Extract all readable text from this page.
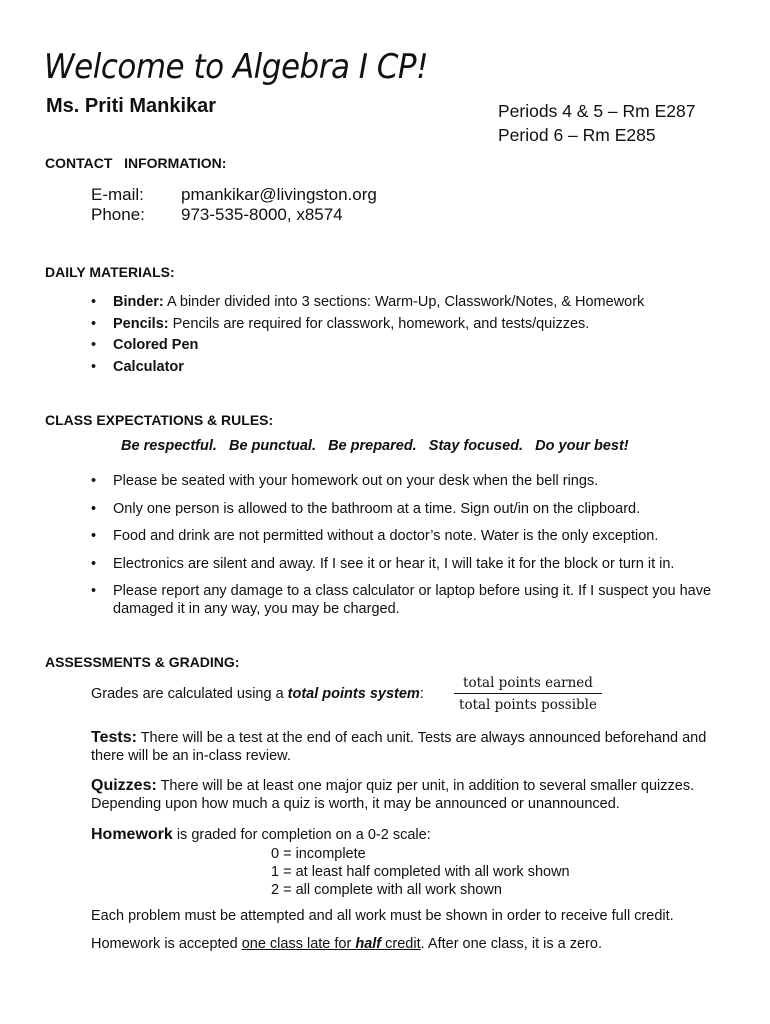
Welcome to Algebra I CP!
Ms. Priti Mankikar	Periods 4 & 5 – Rm E287
Period 6 – Rm E285
CONTACT   INFORMATION:
E-mail:	pmankikar@livingston.org
Phone:	973-535-8000, x8574
DAILY MATERIALS:
• Binder: A binder divided into 3 sections: Warm-Up, Classwork/Notes, & Homework
• Pencils: Pencils are required for classwork, homework, and tests/quizzes.
• Colored Pen
• Calculator
CLASS EXPECTATIONS & RULES:
Be respectful.   Be punctual.   Be prepared.   Stay focused.   Do your best!
• Please be seated with your homework out on your desk when the bell rings.
• Only one person is allowed to the bathroom at a time. Sign out/in on the clipboard.
• Food and drink are not permitted without a doctor’s note. Water is the only exception.
• Electronics are silent and away. If I see it or hear it, I will take it for the block or turn it in.
• Please report any damage to a class calculator or laptop before using it. If I suspect you have damaged it in any way, you may be charged.
ASSESSMENTS & GRADING:
Grades are calculated using a total points system:
total points earned
total points possible
Tests: There will be a test at the end of each unit. Tests are always announced beforehand and there will be an in-class review.
Quizzes: There will be at least one major quiz per unit, in addition to several smaller quizzes. Depending upon how much a quiz is worth, it may be announced or unannounced.
Homework is graded for completion on a 0-2 scale:
0 = incomplete
1 = at least half completed with all work shown
2 = all complete with all work shown
Each problem must be attempted and all work must be shown in order to receive full credit.
Homework is accepted one class late for half credit. After one class, it is a zero.
